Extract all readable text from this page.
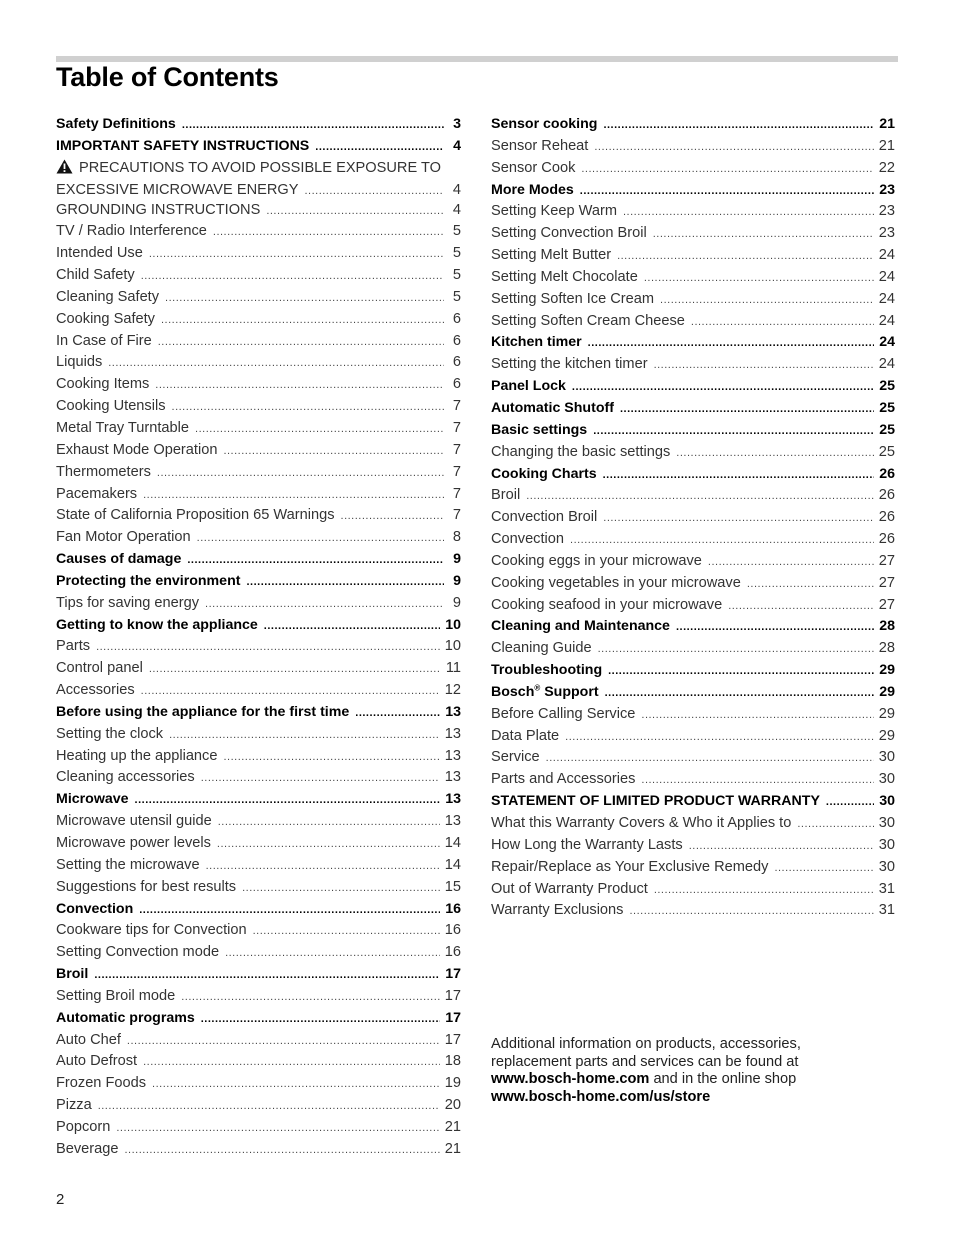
Table of Contents
Safety Definitions .....	3
IMPORTANT SAFETY INSTRUCTIONS .....	4
PRECAUTIONS TO AVOID POSSIBLE EXPOSURE TO
EXCESSIVE MICROWAVE ENERGY .....	4
GROUNDING INSTRUCTIONS .....	4
TV / Radio Interference .....	5
Intended Use .....	5
Child Safety .....	5
Cleaning Safety .....	5
Cooking Safety .....	6
In Case of Fire .....	6
Liquids .....	6
Cooking Items .....	6
Cooking Utensils .....	7
Metal Tray Turntable .....	7
Exhaust Mode Operation .....	7
Thermometers .....	7
Pacemakers .....	7
State of California Proposition 65 Warnings .....	7
Fan Motor Operation .....	8
Causes of damage .....	9
Protecting the environment .....	9
Tips for saving energy .....	9
Getting to know the appliance .....	10
Parts .....	10
Control panel .....	11
Accessories .....	12
Before using the appliance for the first time .....	13
Setting the clock .....	13
Heating up the appliance .....	13
Cleaning accessories .....	13
Microwave .....	13
Microwave utensil guide .....	13
Microwave power levels .....	14
Setting the microwave .....	14
Suggestions for best results .....	15
Convection .....	16
Cookware tips for Convection .....	16
Setting Convection mode .....	16
Broil .....	17
Setting Broil mode .....	17
Automatic programs .....	17
Auto Chef .....	17
Auto Defrost .....	18
Frozen Foods .....	19
Pizza .....	20
Popcorn .....	21
Beverage .....	21
Sensor cooking .....	21
Sensor Reheat .....	21
Sensor Cook .....	22
More Modes .....	23
Setting Keep Warm .....	23
Setting Convection Broil .....	23
Setting Melt Butter .....	24
Setting Melt Chocolate .....	24
Setting Soften Ice Cream .....	24
Setting Soften Cream Cheese .....	24
Kitchen timer .....	24
Setting the kitchen timer .....	24
Panel Lock .....	25
Automatic Shutoff .....	25
Basic settings .....	25
Changing the basic settings .....	25
Cooking Charts .....	26
Broil .....	26
Convection Broil .....	26
Convection .....	26
Cooking eggs in your microwave .....	27
Cooking vegetables in your microwave .....	27
Cooking seafood in your microwave .....	27
Cleaning and Maintenance .....	28
Cleaning Guide .....	28
Troubleshooting .....	29
Bosch® Support .....	29
Before Calling Service .....	29
Data Plate .....	29
Service .....	30
Parts and Accessories .....	30
STATEMENT OF LIMITED PRODUCT WARRANTY .....	30
What this Warranty Covers & Who it Applies to .....	30
How Long the Warranty Lasts .....	30
Repair/Replace as Your Exclusive Remedy .....	30
Out of Warranty Product .....	31
Warranty Exclusions .....	31
Additional information on products, accessories,
replacement parts and services can be found at
www.bosch-home.com and in the online shop
www.bosch-home.com/us/store
2
